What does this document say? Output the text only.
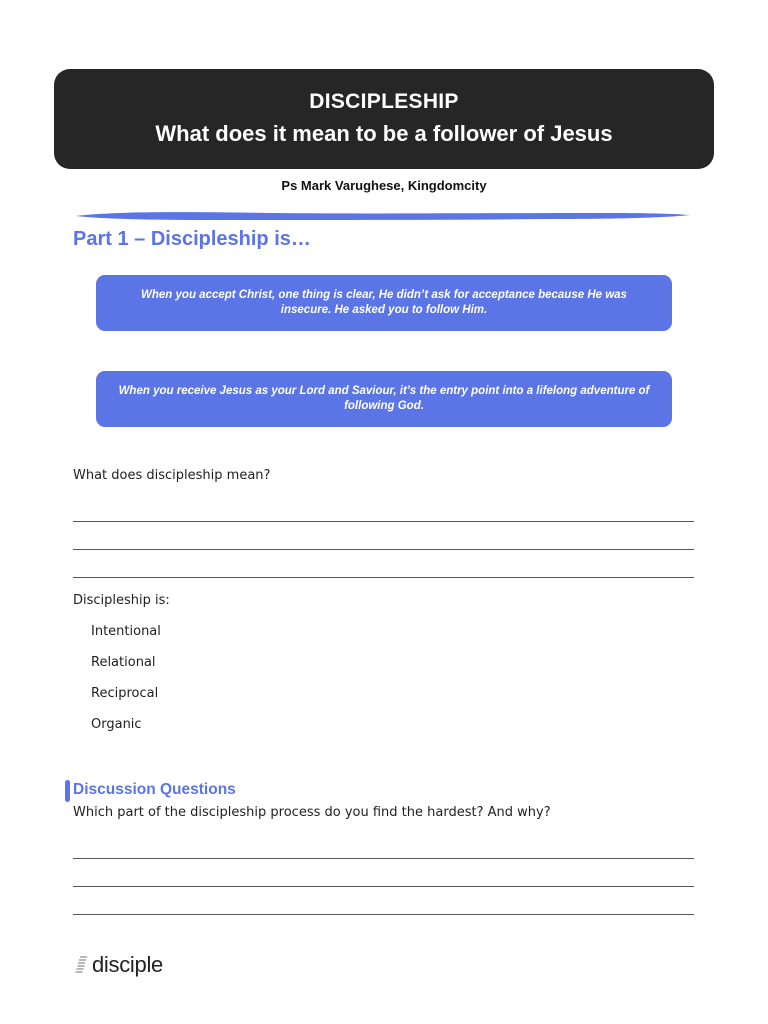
DISCIPLESHIP
What does it mean to be a follower of Jesus
Ps Mark Varughese, Kingdomcity
Part 1 – Discipleship is…
When you accept Christ, one thing is clear, He didn’t ask for acceptance because He was insecure. He asked you to follow Him.
When you receive Jesus as your Lord and Saviour, it’s the entry point into a lifelong adventure of following God.
What does discipleship mean?
Discipleship is:
Intentional
Relational
Reciprocal
Organic
Discussion Questions
Which part of the discipleship process do you find the hardest? And why?
disciple
